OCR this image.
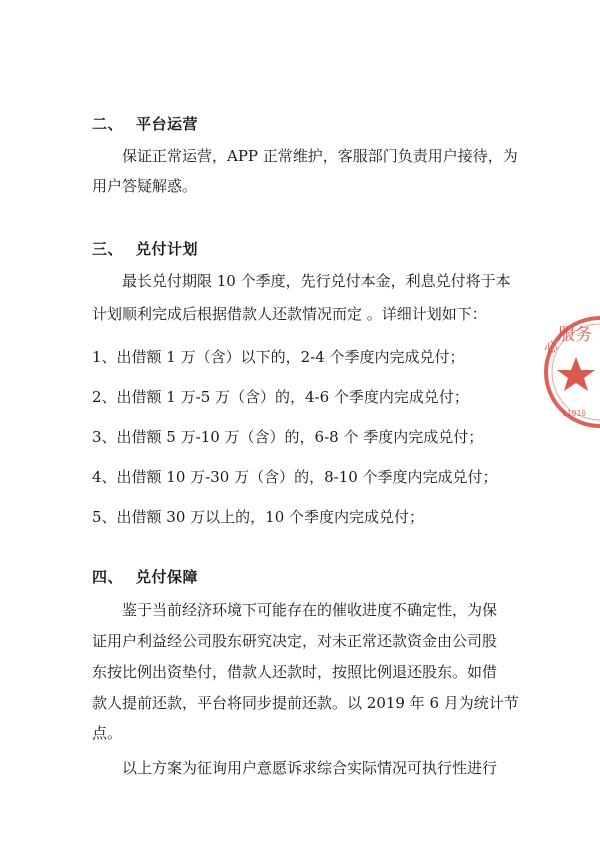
二、 平台运营
保证正常运营，APP 正常维护，客服部门负责用户接待，为
用户答疑解惑。
三、 兑付计划
最长兑付期限 10 个季度，先行兑付本金，利息兑付将于本
计划顺利完成后根据借款人还款情况而定 。详细计划如下：
1、出借额 1 万（含）以下的，2-4 个季度内完成兑付；
2、出借额 1 万-5 万（含）的，4-6 个季度内完成兑付；
3、出借额 5 万-10 万（含）的，6-8 个 季度内完成兑付；
4、出借额 10 万-30 万（含）的，8-10 个季度内完成兑付；
5、出借额 30 万以上的，10 个季度内完成兑付；
四、 兑付保障
鉴于当前经济环境下可能存在的催收进度不确定性，为保
证用户利益经公司股东研究决定，对未正常还款资金由公司股
东按比例出资垫付，借款人还款时，按照比例退还股东。如借
款人提前还款，平台将同步提前还款。以 2019 年 6 月为统计节
点。
以上方案为征询用户意愿诉求综合实际情况可执行性进行
服务
心
11010
